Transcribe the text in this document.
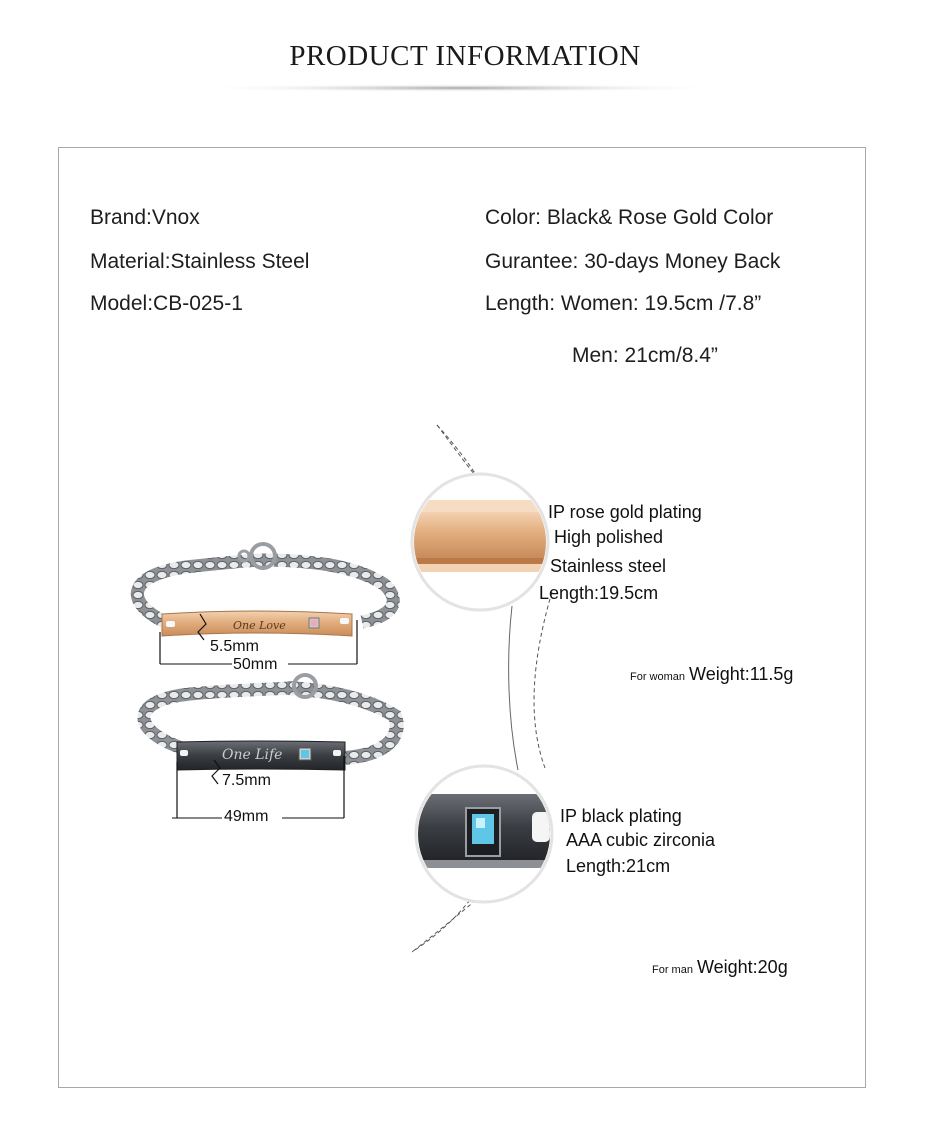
PRODUCT INFORMATION
Brand:Vnox
Material:Stainless Steel
Model:CB-025-1
Color: Black& Rose Gold Color
Gurantee: 30-days Money Back
Length: Women: 19.5cm /7.8”
Men: 21cm/8.4”
5.5mm
50mm
7.5mm
49mm
One Love
One Life
IP rose gold plating
High polished
Stainless steel
Length:19.5cm
For woman Weight:11.5g
IP black plating
AAA cubic zirconia
Length:21cm
For man Weight:20g
